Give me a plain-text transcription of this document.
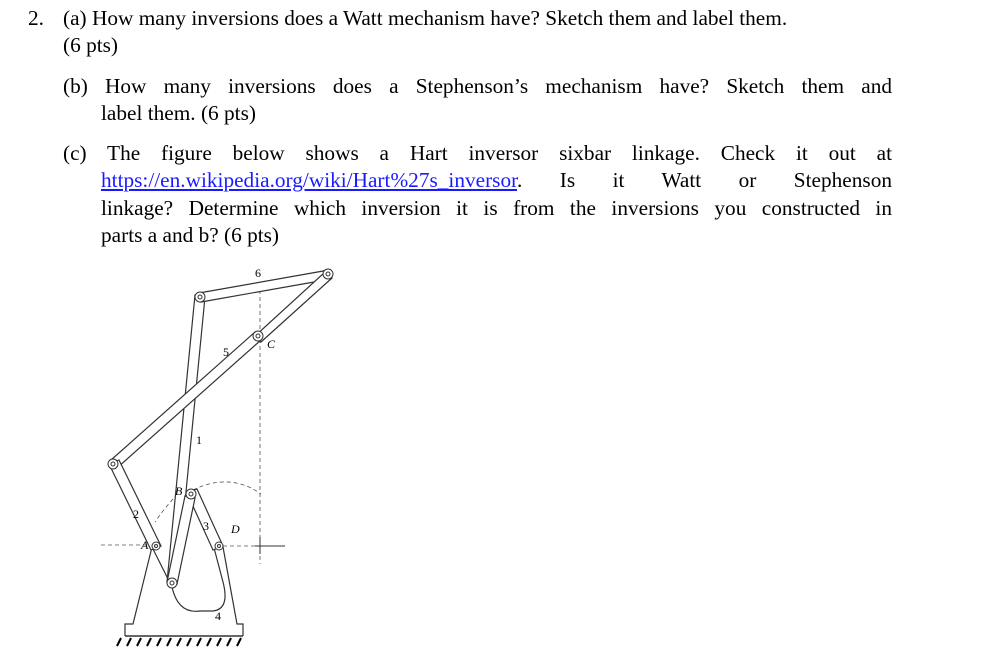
2. (a) How many inversions does a Watt mechanism have? Sketch them and label them.
(6 pts)
(b) How many inversions does a Stephenson’s mechanism have? Sketch them and
label them. (6 pts)
(c) The figure below shows a Hart inversor sixbar linkage. Check it out at
https://en.wikipedia.org/wiki/Hart%27s_inversor. Is it Watt or Stephenson
linkage? Determine which inversion it is from the inversions you constructed in
parts a and b? (6 pts)
6
5
C
1
B
2
3 D
A
4
